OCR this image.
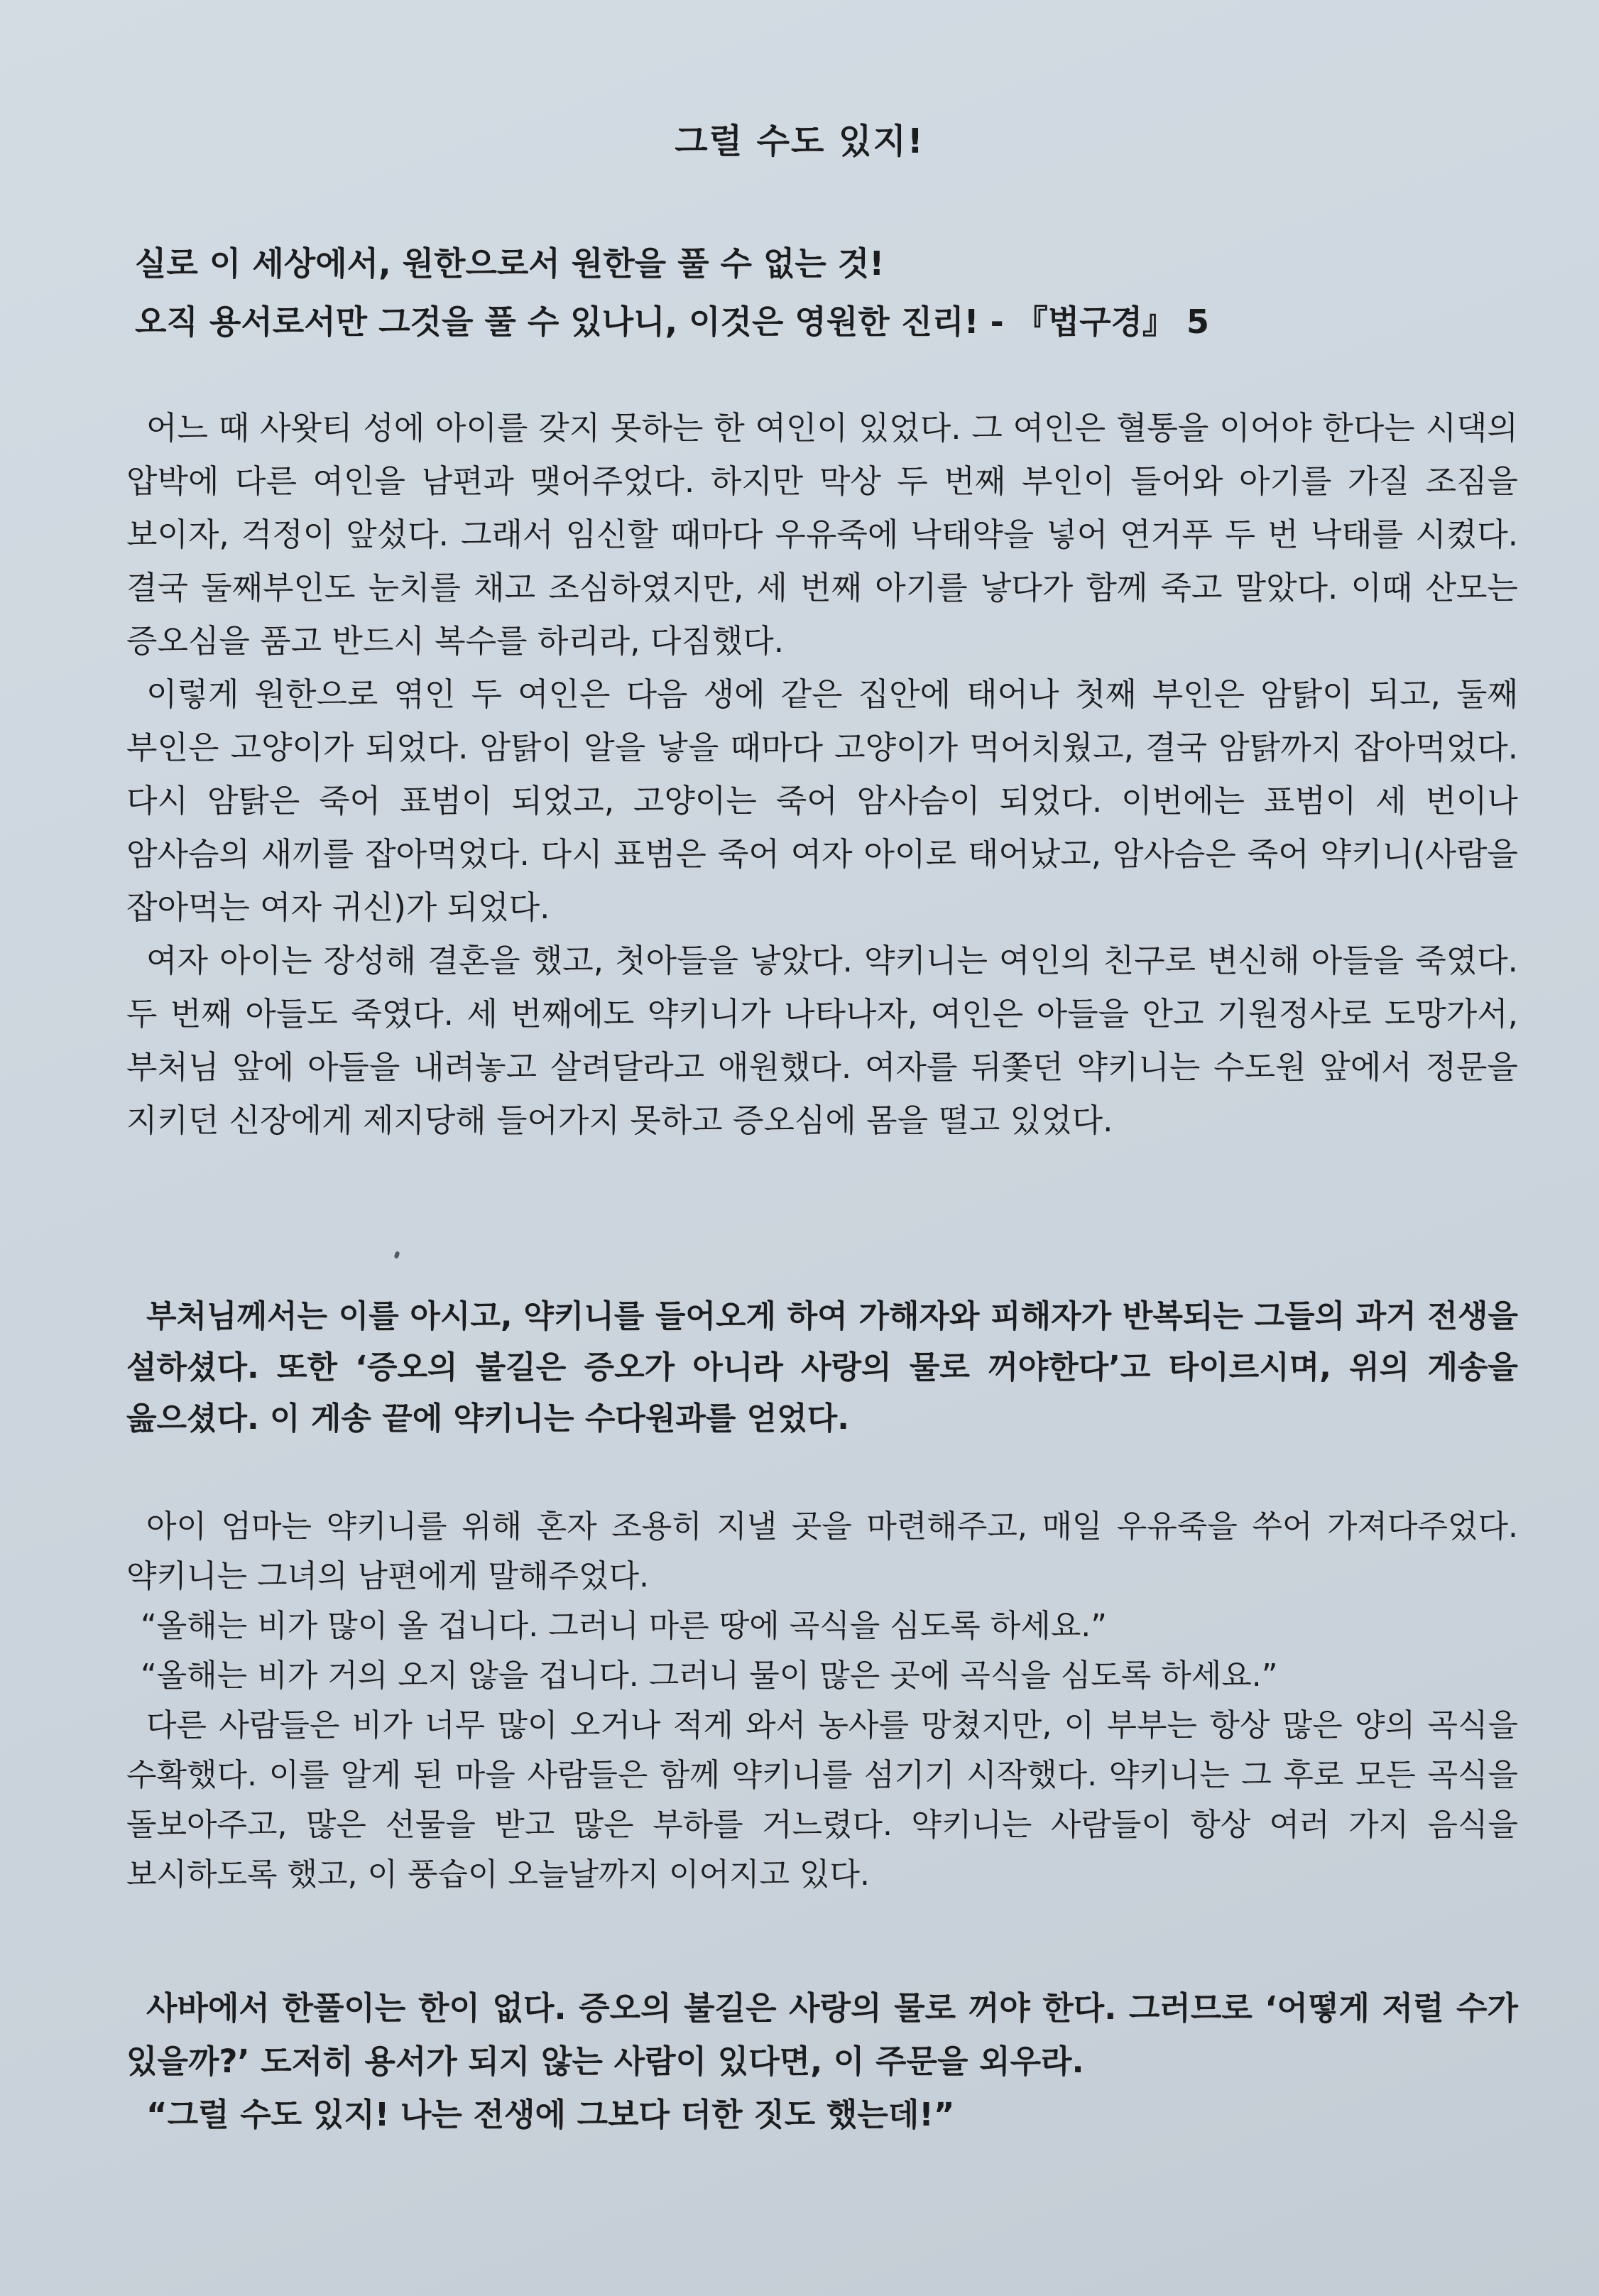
그럴 수도 있지!
실로 이 세상에서, 원한으로서 원한을 풀 수 없는 것!
오직 용서로서만 그것을 풀 수 있나니, 이것은 영원한 진리! - 『법구경』 5

어느 때 사왓티 성에 아이를 갖지 못하는 한 여인이 있었다. 그 여인은 혈통을 이어야 한다는 시댁의 압박에 다른 여인을 남편과 맺어주었다. 하지만 막상 두 번째 부인이 들어와 아기를 가질 조짐을 보이자, 걱정이 앞섰다. 그래서 임신할 때마다 우유죽에 낙태약을 넣어 연거푸 두 번 낙태를 시켰다. 결국 둘째부인도 눈치를 채고 조심하였지만, 세 번째 아기를 낳다가 함께 죽고 말았다. 이때 산모는 증오심을 품고 반드시 복수를 하리라, 다짐했다.

이렇게 원한으로 엮인 두 여인은 다음 생에 같은 집안에 태어나 첫째 부인은 암탉이 되고, 둘째 부인은 고양이가 되었다. 암탉이 알을 낳을 때마다 고양이가 먹어치웠고, 결국 암탉까지 잡아먹었다. 다시 암탉은 죽어 표범이 되었고, 고양이는 죽어 암사슴이 되었다. 이번에는 표범이 세 번이나 암사슴의 새끼를 잡아먹었다. 다시 표범은 죽어 여자 아이로 태어났고, 암사슴은 죽어 약키니(사람을 잡아먹는 여자 귀신)가 되었다.

여자 아이는 장성해 결혼을 했고, 첫아들을 낳았다. 약키니는 여인의 친구로 변신해 아들을 죽였다. 두 번째 아들도 죽였다. 세 번째에도 약키니가 나타나자, 여인은 아들을 안고 기원정사로 도망가서, 부처님 앞에 아들을 내려놓고 살려달라고 애원했다. 여자를 뒤쫓던 약키니는 수도원 앞에서 정문을 지키던 신장에게 제지당해 들어가지 못하고 증오심에 몸을 떨고 있었다.

부처님께서는 이를 아시고, 약키니를 들어오게 하여 가해자와 피해자가 반복되는 그들의 과거 전생을 설하셨다. 또한 ‘증오의 불길은 증오가 아니라 사랑의 물로 꺼야한다’고 타이르시며, 위의 게송을 읊으셨다. 이 게송 끝에 약키니는 수다원과를 얻었다.

아이 엄마는 약키니를 위해 혼자 조용히 지낼 곳을 마련해주고, 매일 우유죽을 쑤어 가져다주었다. 약키니는 그녀의 남편에게 말해주었다.

“올해는 비가 많이 올 겁니다. 그러니 마른 땅에 곡식을 심도록 하세요.”

“올해는 비가 거의 오지 않을 겁니다. 그러니 물이 많은 곳에 곡식을 심도록 하세요.”

다른 사람들은 비가 너무 많이 오거나 적게 와서 농사를 망쳤지만, 이 부부는 항상 많은 양의 곡식을 수확했다. 이를 알게 된 마을 사람들은 함께 약키니를 섬기기 시작했다. 약키니는 그 후로 모든 곡식을 돌보아주고, 많은 선물을 받고 많은 부하를 거느렸다. 약키니는 사람들이 항상 여러 가지 음식을 보시하도록 했고, 이 풍습이 오늘날까지 이어지고 있다.

사바에서 한풀이는 한이 없다. 증오의 불길은 사랑의 물로 꺼야 한다. 그러므로 ‘어떻게 저럴 수가 있을까?’ 도저히 용서가 되지 않는 사람이 있다면, 이 주문을 외우라.

“그럴 수도 있지! 나는 전생에 그보다 더한 짓도 했는데!”
